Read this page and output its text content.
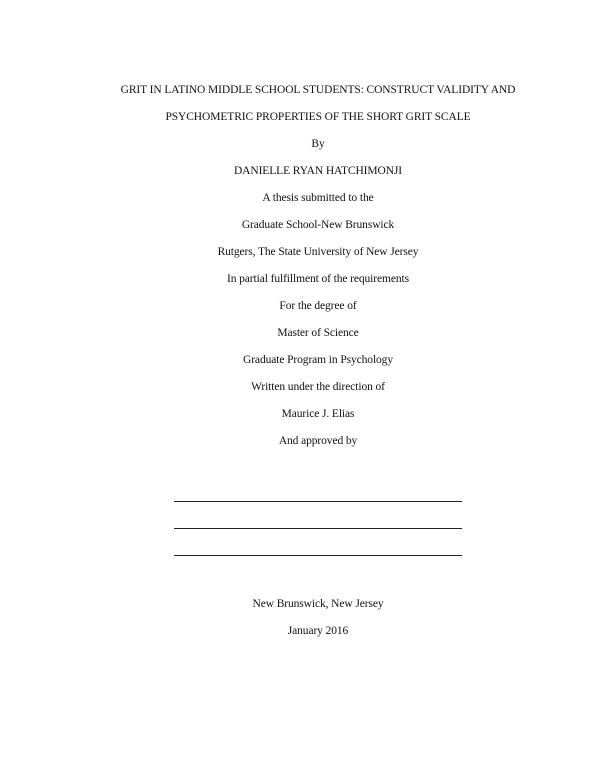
GRIT IN LATINO MIDDLE SCHOOL STUDENTS: CONSTRUCT VALIDITY AND
PSYCHOMETRIC PROPERTIES OF THE SHORT GRIT SCALE
By
DANIELLE RYAN HATCHIMONJI
A thesis submitted to the
Graduate School-New Brunswick
Rutgers, The State University of New Jersey
In partial fulfillment of the requirements
For the degree of
Master of Science
Graduate Program in Psychology
Written under the direction of
Maurice J. Elias
And approved by
New Brunswick, New Jersey
January 2016
